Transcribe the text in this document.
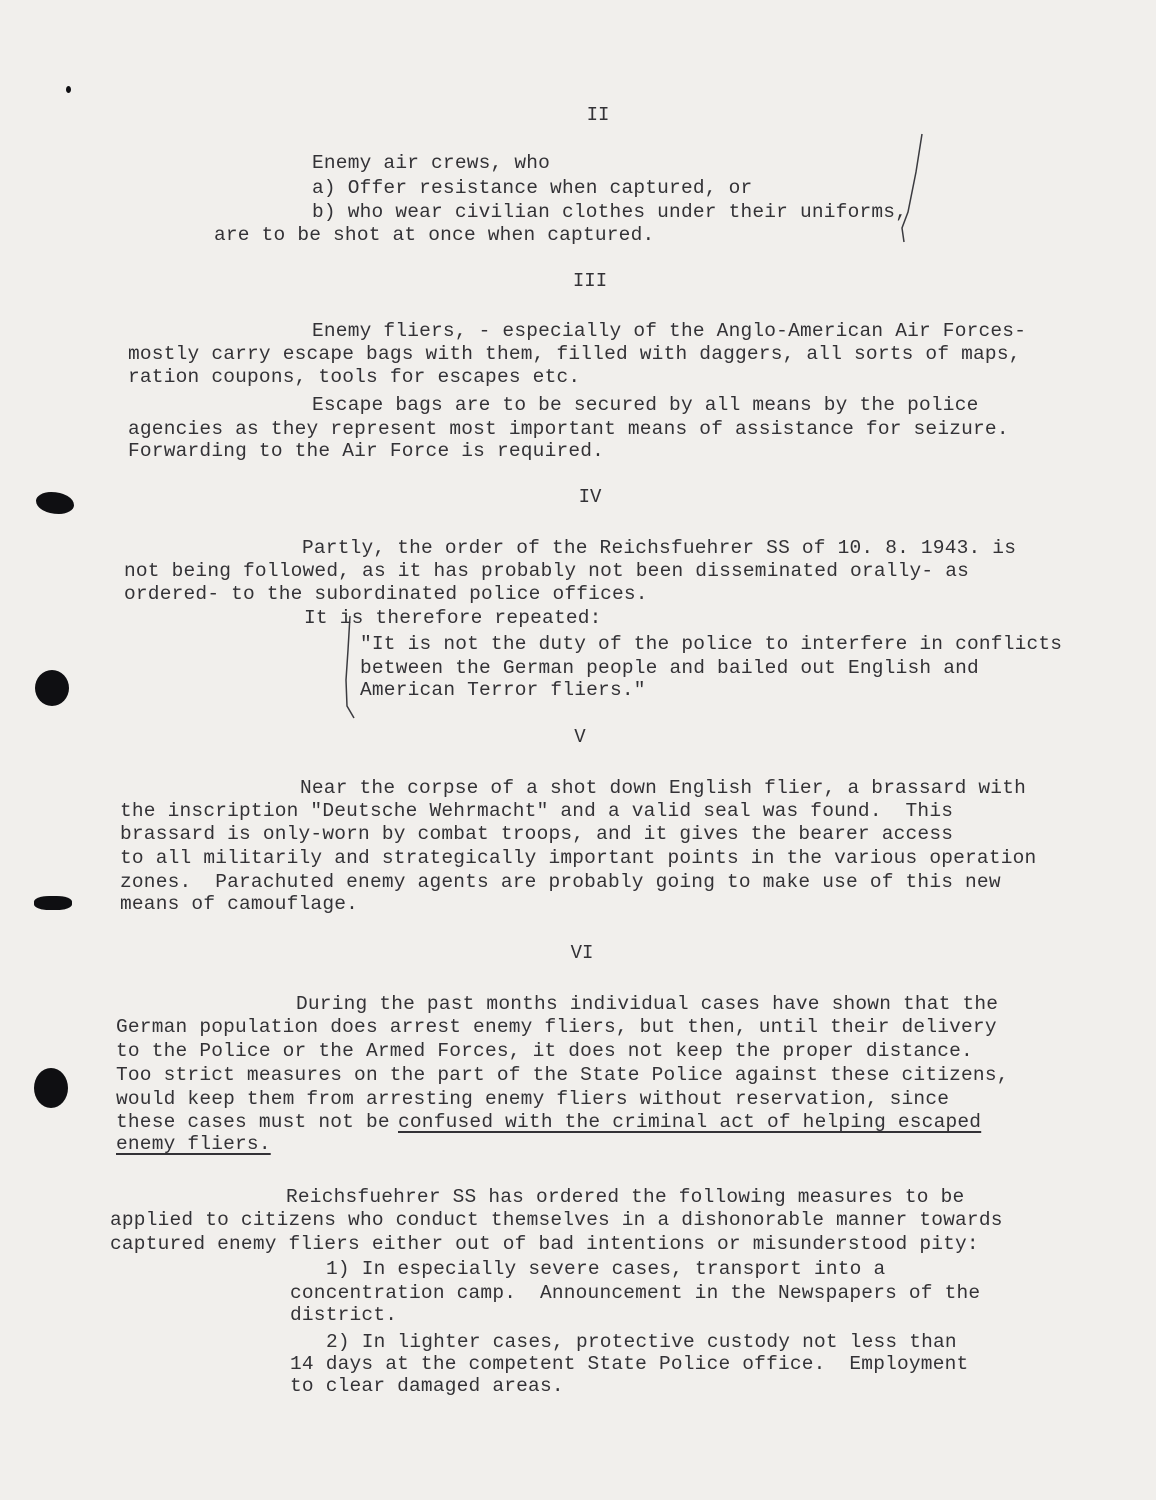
II
Enemy air crews, who
a) Offer resistance when captured, or
b) who wear civilian clothes under their uniforms,
are to be shot at once when captured.
III
Enemy fliers, - especially of the Anglo-American Air Forces-
mostly carry escape bags with them, filled with daggers, all sorts of maps,
ration coupons, tools for escapes etc.
Escape bags are to be secured by all means by the police
agencies as they represent most important means of assistance for seizure.
Forwarding to the Air Force is required.
IV
Partly, the order of the Reichsfuehrer SS of 10. 8. 1943. is
not being followed, as it has probably not been disseminated orally- as
ordered- to the subordinated police offices.
It is therefore repeated:
"It is not the duty of the police to interfere in conflicts
between the German people and bailed out English and
American Terror fliers."
V
Near the corpse of a shot down English flier, a brassard with
the inscription "Deutsche Wehrmacht" and a valid seal was found.  This
brassard is only-worn by combat troops, and it gives the bearer access
to all militarily and strategically important points in the various operation
zones.  Parachuted enemy agents are probably going to make use of this new
means of camouflage.
VI
During the past months individual cases have shown that the
German population does arrest enemy fliers, but then, until their delivery
to the Police or the Armed Forces, it does not keep the proper distance.
Too strict measures on the part of the State Police against these citizens,
would keep them from arresting enemy fliers without reservation, since
these cases must not be confused with the criminal act of helping escaped
enemy fliers.
Reichsfuehrer SS has ordered the following measures to be
applied to citizens who conduct themselves in a dishonorable manner towards
captured enemy fliers either out of bad intentions or misunderstood pity:
1) In especially severe cases, transport into a
concentration camp.  Announcement in the Newspapers of the
district.
2) In lighter cases, protective custody not less than
14 days at the competent State Police office.  Employment
to clear damaged areas.
